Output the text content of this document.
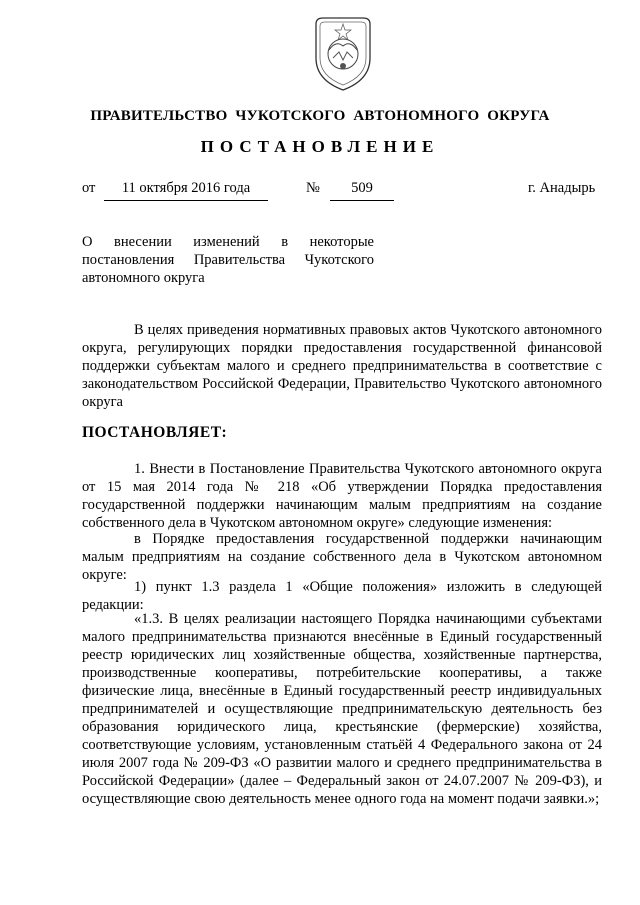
ПРАВИТЕЛЬСТВО ЧУКОТСКОГО АВТОНОМНОГО ОКРУГА
ПОСТАНОВЛЕНИЕ
от	11 октября 2016 года	№	509	г. Анадырь
О внесении изменений в некоторые постановления Правительства Чукотского автономного округа

В целях приведения нормативных правовых актов Чукотского автономного округа, регулирующих порядки предоставления государственной финансовой поддержки субъектам малого и среднего предпринимательства в соответствие с законодательством Российской Федерации, Правительство Чукотского автономного округа

ПОСТАНОВЛЯЕТ:

1. Внести в Постановление Правительства Чукотского автономного округа от 15 мая 2014 года № 218 «Об утверждении Порядка предоставления государственной поддержки начинающим малым предприятиям на создание собственного дела в Чукотском автономном округе» следующие изменения:

в Порядке предоставления государственной поддержки начинающим малым предприятиям на создание собственного дела в Чукотском автономном округе:

1) пункт 1.3 раздела 1 «Общие положения» изложить в следующей редакции:

«1.3. В целях реализации настоящего Порядка начинающими субъектами малого предпринимательства признаются внесённые в Единый государственный реестр юридических лиц хозяйственные общества, хозяйственные партнерства, производственные кооперативы, потребительские кооперативы, а также физические лица, внесённые в Единый государственный реестр индивидуальных предпринимателей и осуществляющие предпринимательскую деятельность без образования юридического лица, крестьянские (фермерские) хозяйства, соответствующие условиям, установленным статьёй 4 Федерального закона от 24 июля 2007 года № 209-ФЗ «О развитии малого и среднего предпринимательства в Российской Федерации» (далее – Федеральный закон от 24.07.2007 № 209-ФЗ), и осуществляющие свою деятельность менее одного года на момент подачи заявки.»;
